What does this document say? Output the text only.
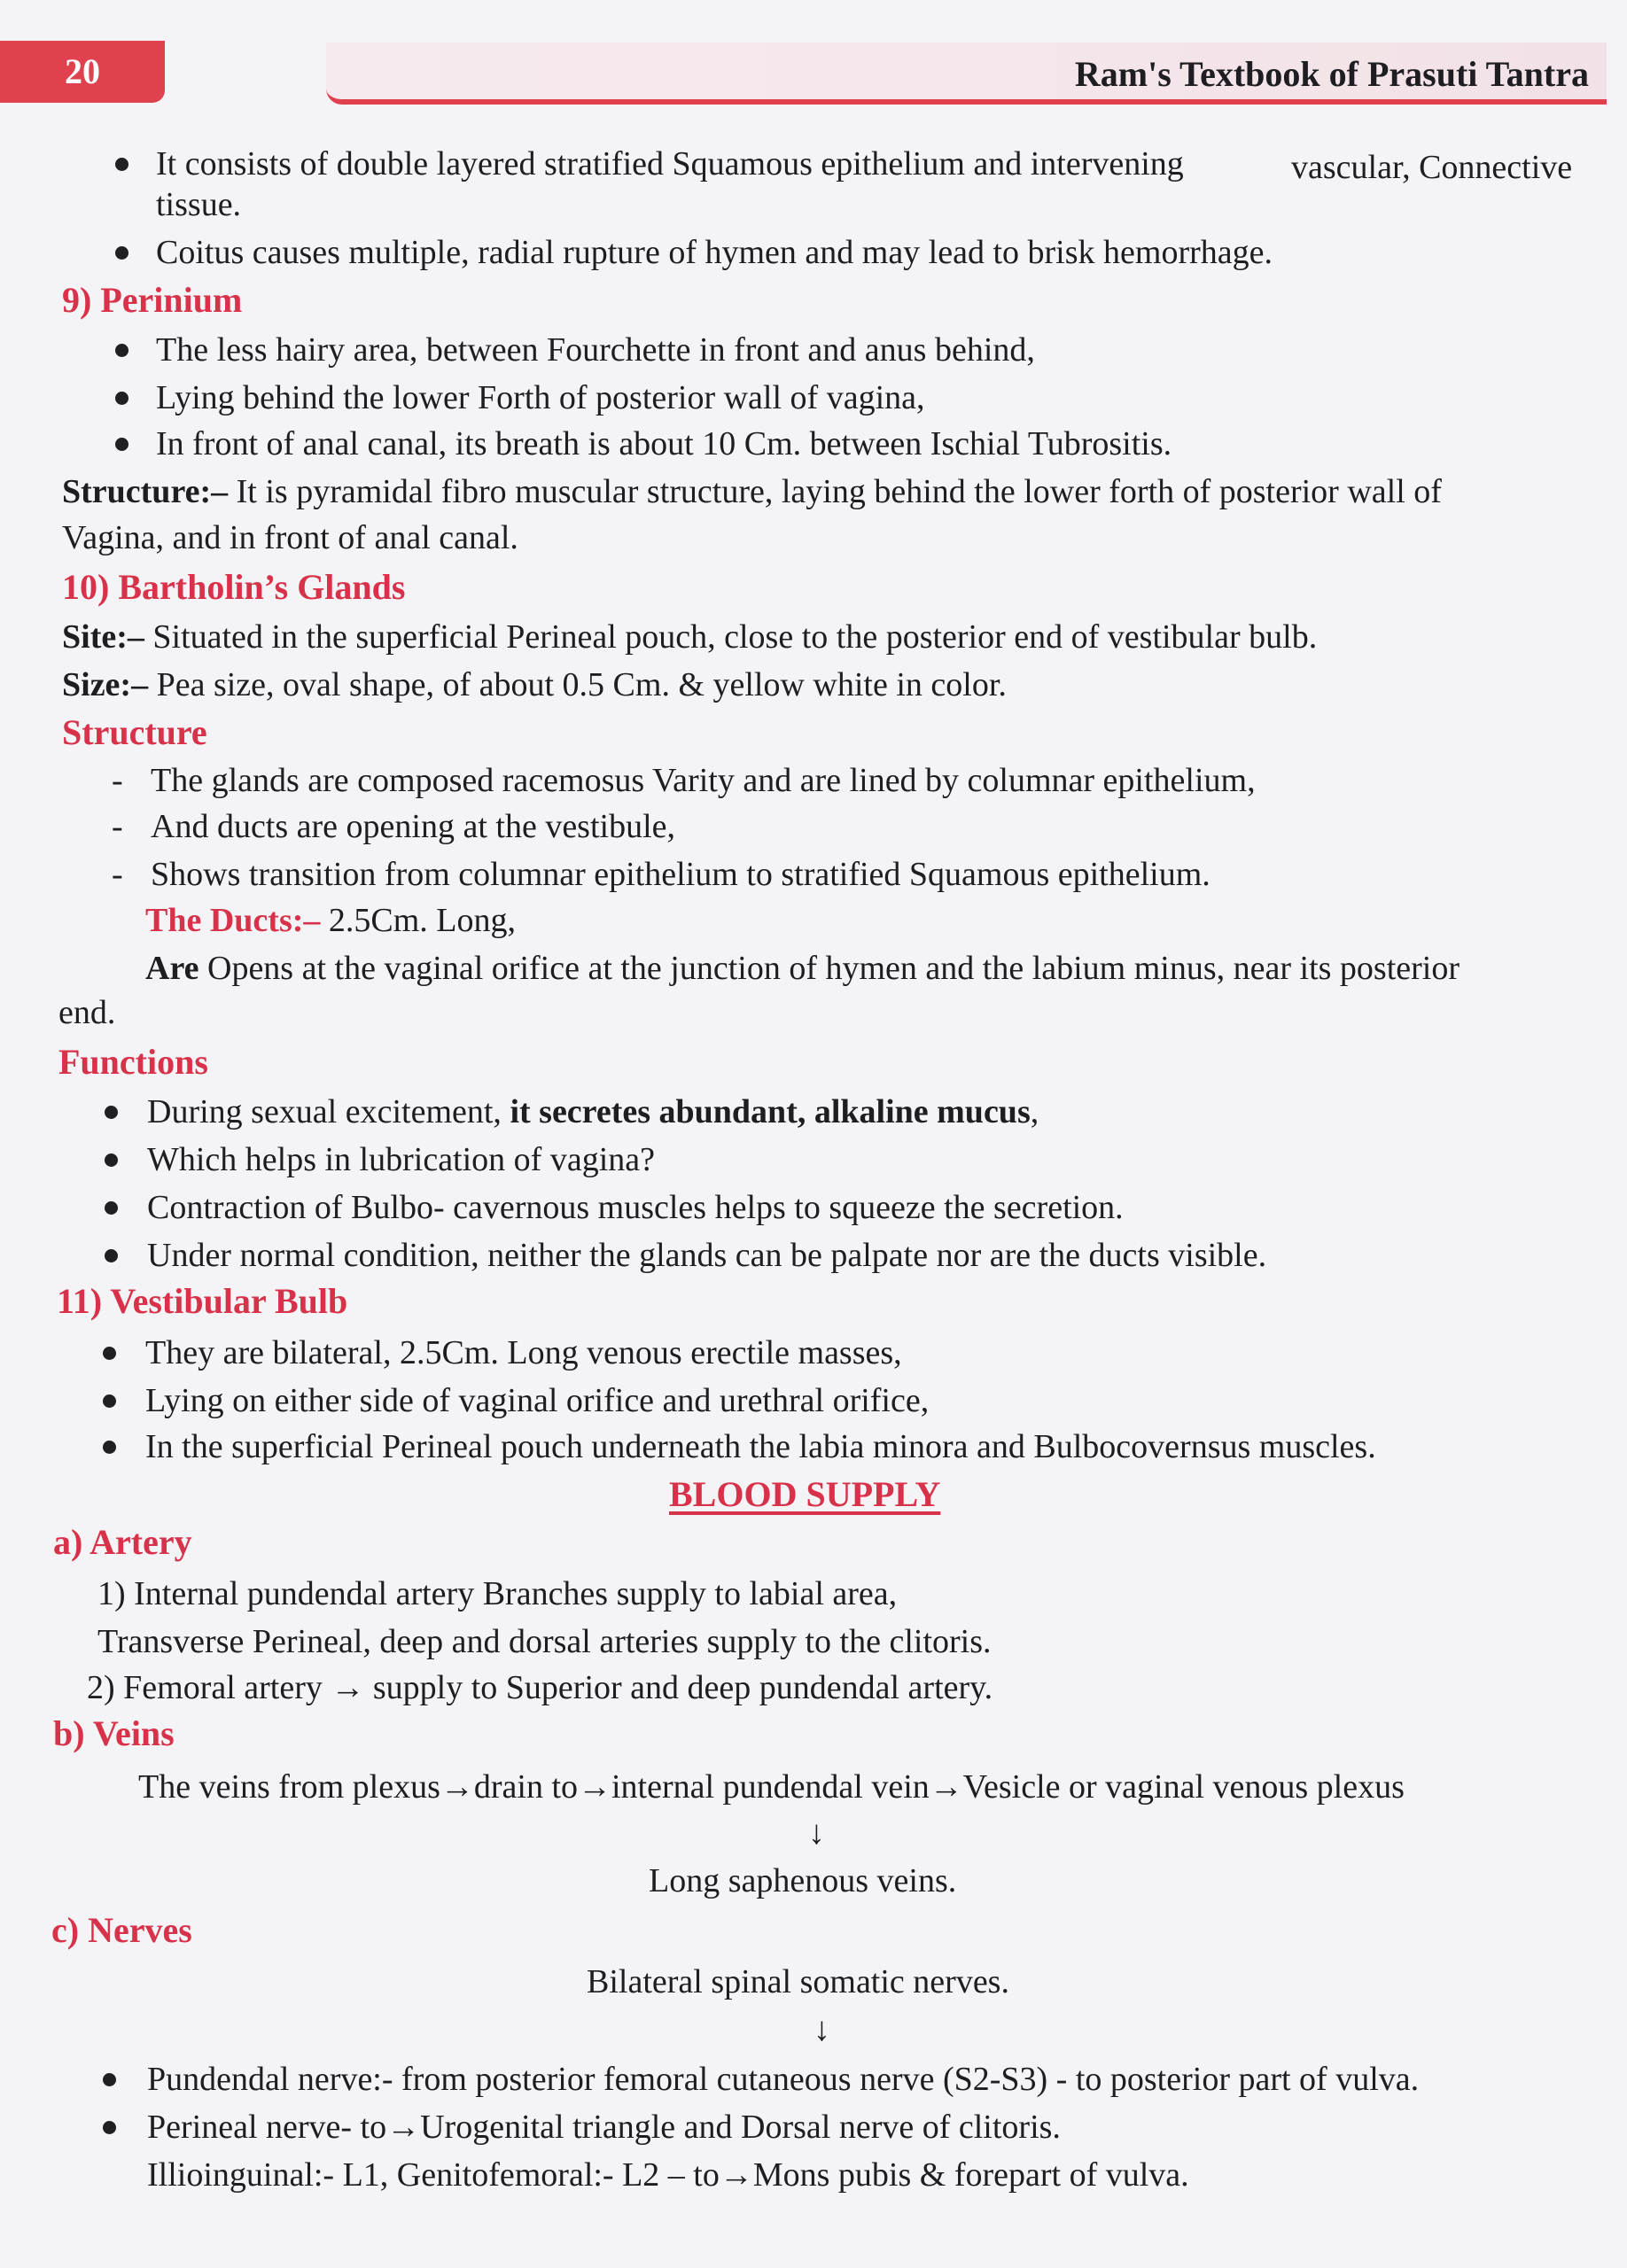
20	Ram's Textbook of Prasuti Tantra
It consists of double layered stratified Squamous epithelium and intervening	vascular, Connective
tissue.
Coitus causes multiple, radial rupture of hymen and may lead to brisk hemorrhage.
9) Perinium
The less hairy area, between Fourchette in front and anus behind,
Lying behind the lower Forth of posterior wall of vagina,
In front of anal canal, its breath is about 10 Cm. between Ischial Tubrositis.
Structure:– It is pyramidal fibro muscular structure, laying behind the lower forth of posterior wall of
Vagina, and in front of anal canal.
10) Bartholin’s Glands
Site:– Situated in the superficial Perineal pouch, close to the posterior end of vestibular bulb.
Size:– Pea size, oval shape, of about 0.5 Cm. & yellow white in color.
Structure
- The glands are composed racemosus Varity and are lined by columnar epithelium,
- And ducts are opening at the vestibule,
- Shows transition from columnar epithelium to stratified Squamous epithelium.
The Ducts:– 2.5Cm. Long,
Are Opens at the vaginal orifice at the junction of hymen and the labium minus, near its posterior
end.
Functions
During sexual excitement, it secretes abundant, alkaline mucus,
Which helps in lubrication of vagina?
Contraction of Bulbo- cavernous muscles helps to squeeze the secretion.
Under normal condition, neither the glands can be palpate nor are the ducts visible.
11) Vestibular Bulb
They are bilateral, 2.5Cm. Long venous erectile masses,
Lying on either side of vaginal orifice and urethral orifice,
In the superficial Perineal pouch underneath the labia minora and Bulbocovernsus muscles.
BLOOD SUPPLY
a) Artery
1) Internal pundendal artery Branches supply to labial area,
Transverse Perineal, deep and dorsal arteries supply to the clitoris.
2) Femoral artery → supply to Superior and deep pundendal artery.
b) Veins
The veins from plexus→drain to→internal pundendal vein→Vesicle or vaginal venous plexus
↓
Long saphenous veins.
c) Nerves
Bilateral spinal somatic nerves.
↓
Pundendal nerve:- from posterior femoral cutaneous nerve (S2-S3) - to posterior part of vulva.
Perineal nerve- to→Urogenital triangle and Dorsal nerve of clitoris.
Illioinguinal:- L1, Genitofemoral:- L2 – to→Mons pubis & forepart of vulva.
